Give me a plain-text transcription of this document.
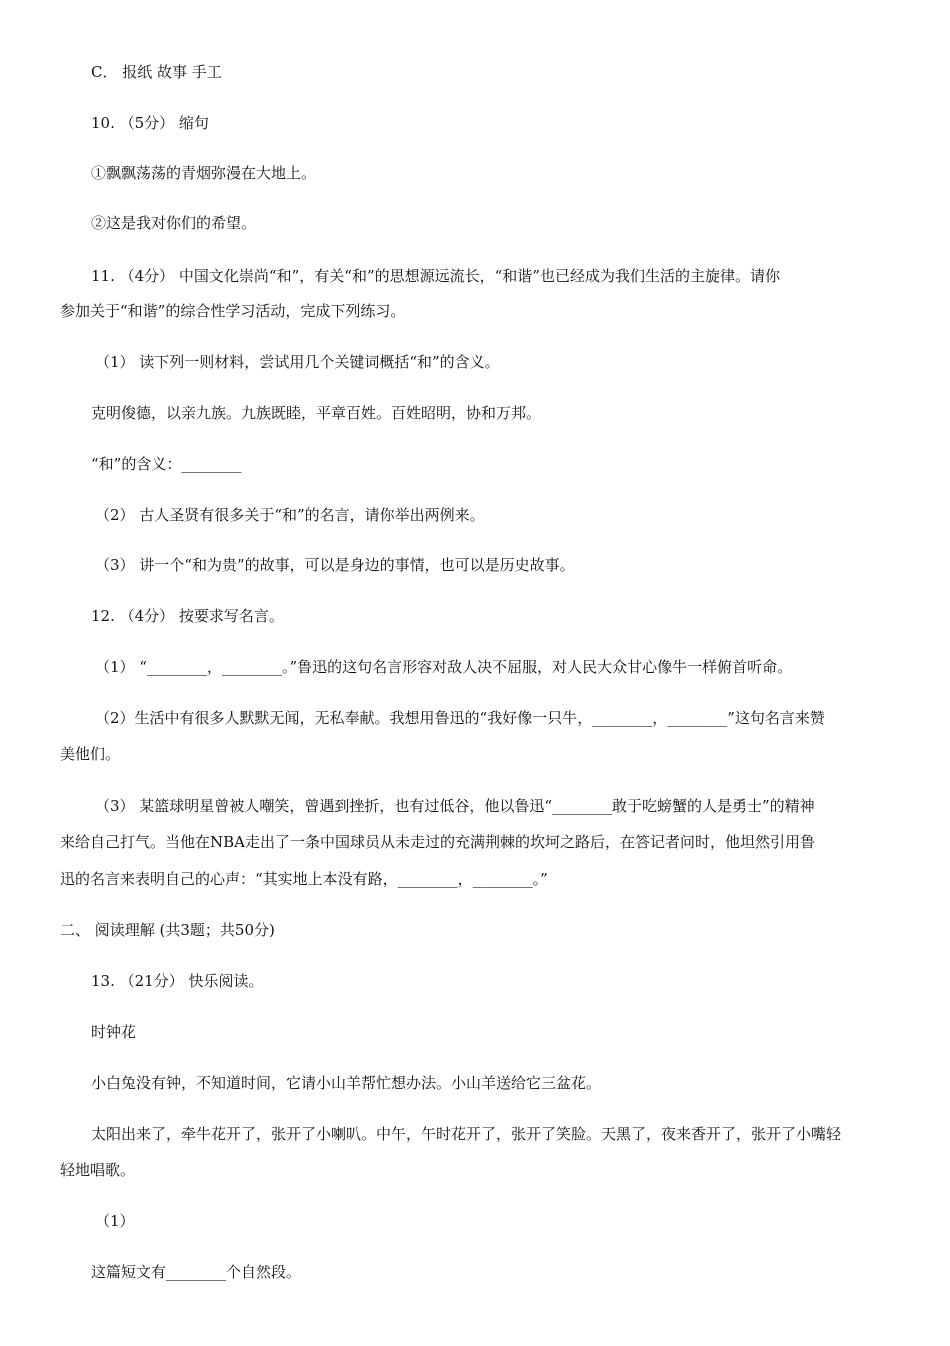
C． 报纸 故事 手工
10. （5分） 缩句
①飘飘荡荡的青烟弥漫在大地上。
②这是我对你们的希望。
11. （4分） 中国文化崇尚“和”，有关“和”的思想源远流长，“和谐”也已经成为我们生活的主旋律。请你
参加关于“和谐”的综合性学习活动，完成下列练习。
（1） 读下列一则材料，尝试用几个关键词概括“和”的含义。
克明俊德，以亲九族。九族既睦，平章百姓。百姓昭明，协和万邦。
“和”的含义：________
（2） 古人圣贤有很多关于“和”的名言，请你举出两例来。
（3） 讲一个“和为贵”的故事，可以是身边的事情，也可以是历史故事。
12. （4分） 按要求写名言。
（1） “________，________。”鲁迅的这句名言形容对敌人决不屈服，对人民大众甘心像牛一样俯首听命。
（2）生活中有很多人默默无闻，无私奉献。我想用鲁迅的“我好像一只牛，________，________”这句名言来赞
美他们。
（3） 某篮球明星曾被人嘲笑，曾遇到挫折，也有过低谷，他以鲁迅“________敢于吃螃蟹的人是勇士”的精神
来给自己打气。当他在NBA走出了一条中国球员从未走过的充满荆棘的坎坷之路后，在答记者问时，他坦然引用鲁
迅的名言来表明自己的心声：“其实地上本没有路，________，________。”
二、 阅读理解 (共3题；共50分)
13. （21分） 快乐阅读。
时钟花
小白兔没有钟，不知道时间，它请小山羊帮忙想办法。小山羊送给它三盆花。
太阳出来了，牵牛花开了，张开了小喇叭。中午，午时花开了，张开了笑脸。天黑了，夜来香开了，张开了小嘴轻
轻地唱歌。
（1）
这篇短文有________个自然段。
